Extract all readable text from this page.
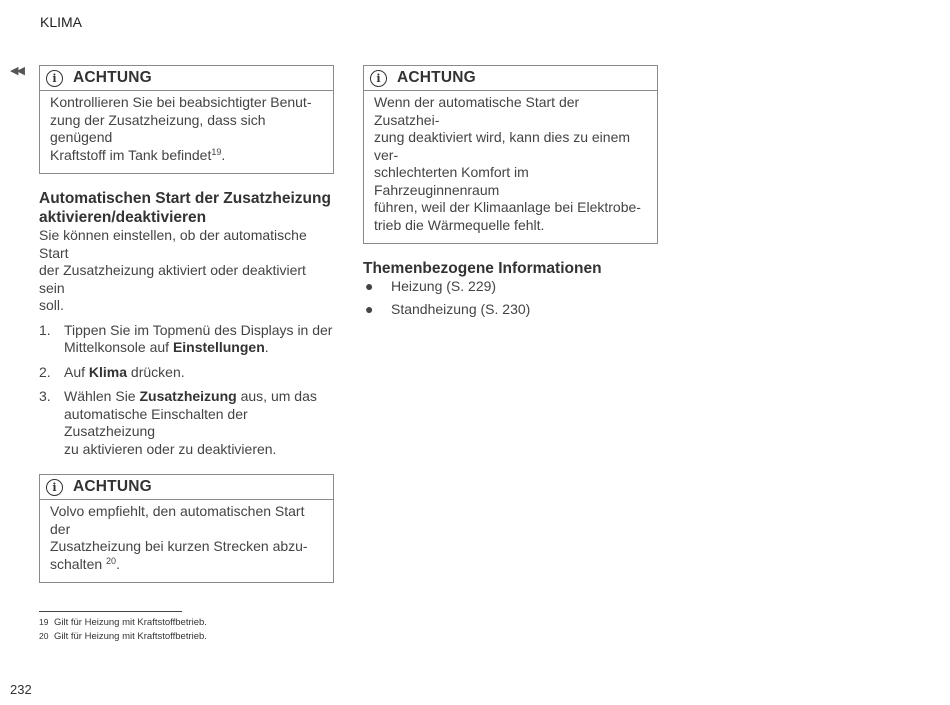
KLIMA
◀◀
i	ACHTUNG

Kontrollieren Sie bei beabsichtigter Benut-

zung der Zusatzheizung, dass sich genügend

Kraftstoff im Tank befindet$^{19}$.

Automatischen Start der Zusatzheizung
aktivieren/deaktivieren

Sie können einstellen, ob der automatische Start

der Zusatzheizung aktiviert oder deaktiviert sein

soll.

1. Tippen Sie im Topmenü des Displays in der
Mittelkonsole auf Einstellungen.
2. Auf Klima drücken.
3. Wählen Sie Zusatzheizung aus, um das
automatische Einschalten der Zusatzheizung
zu aktivieren oder zu deaktivieren.
i	ACHTUNG

Volvo empfiehlt, den automatischen Start der

Zusatzheizung bei kurzen Strecken abzu-

schalten $^{20}$.

i	ACHTUNG

Wenn der automatische Start der Zusatzhei-

zung deaktiviert wird, kann dies zu einem ver-

schlechterten Komfort im Fahrzeuginnenraum

führen, weil der Klimaanlage bei Elektrobe-

trieb die Wärmequelle fehlt.

Themenbezogene Informationen
●	Heizung (S. 229)
●	Standheizung (S. 230)
19 Gilt für Heizung mit Kraftstoffbetrieb.
20 Gilt für Heizung mit Kraftstoffbetrieb.
232
